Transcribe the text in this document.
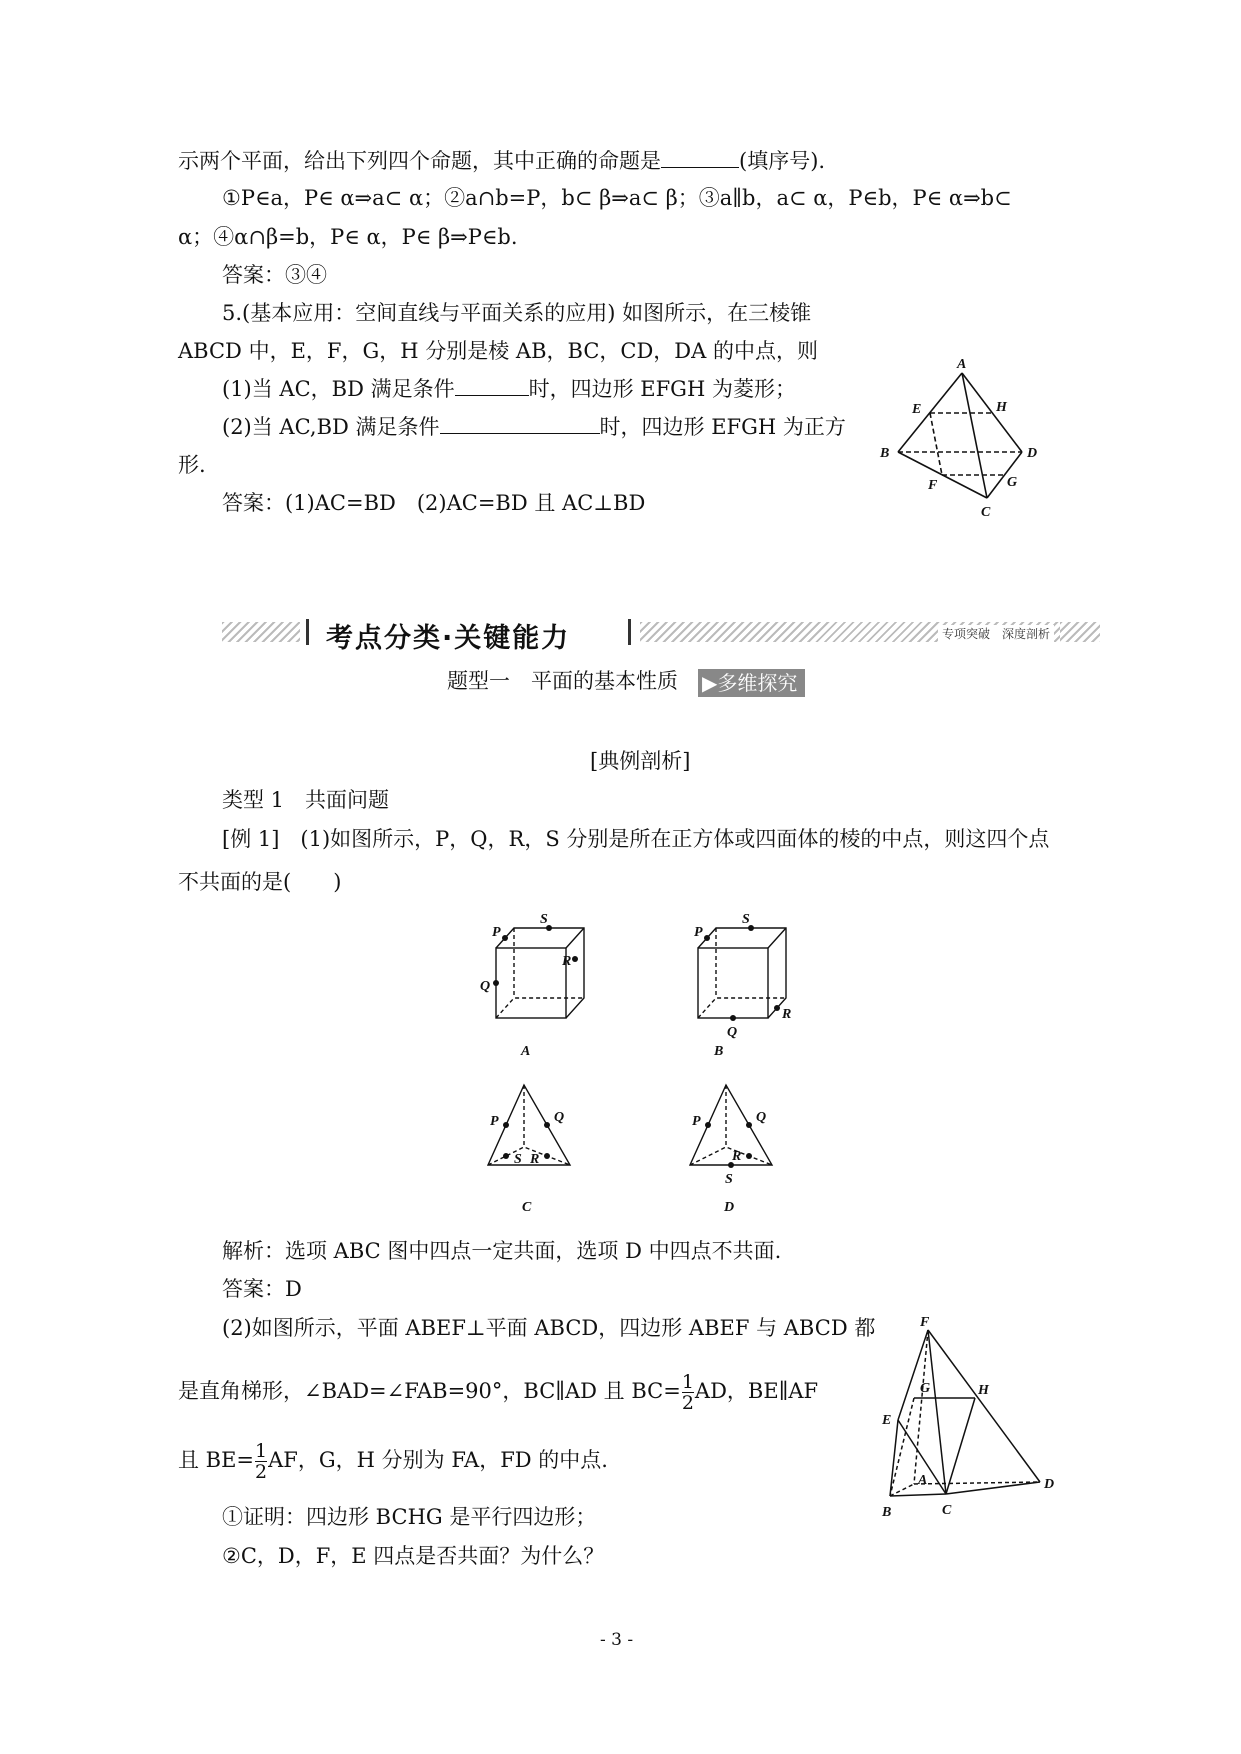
示两个平面，给出下列四个命题，其中正确的命题是	(填序号).
①P∈a，P∈ α⇒a⊂ α；②a∩b=P，b⊂ β⇒a⊂ β；③a∥b，a⊂ α，P∈b，P∈ α⇒b⊂
α；④α∩β=b，P∈ α，P∈ β⇒P∈b.
答案：③④
5.(基本应用：空间直线与平面关系的应用) 如图所示，在三棱锥
ABCD 中，E，F，G，H 分别是棱 AB，BC，CD，DA 的中点，则
(1)当 AC，BD 满足条件	时，四边形 EFGH 为菱形；
(2)当 AC,BD 满足条件	时，四边形 EFGH 为正方
形.
答案：(1)AC=BD　(2)AC=BD 且 AC⊥BD
A
E	H
B	D
F	G
C
考点分类·关键能力	专项突破　深度剖析
题型一　平面的基本性质 ▶多维探究
[典例剖析]
类型 1　共面问题
[例 1]　(1)如图所示，P，Q，R，S 分别是所在正方体或四面体的棱的中点，则这四个点
不共面的是(　　)
P
S
R
Q
A
P
S
R
Q
B
P	Q
S R
C
P	Q
R
S
D
解析：选项 ABC 图中四点一定共面，选项 D 中四点不共面.
答案：D
(2)如图所示，平面 ABEF⊥平面 ABCD，四边形 ABEF 与 ABCD 都
是直角梯形，∠BAD=∠FAB=90°，BC∥AD 且 $BC= \frac{1}{2}$ AD，BE∥AF
且 $BE= \frac{1}{2}$ AF，G，H 分别为 FA，FD 的中点.
①证明：四边形 BCHG 是平行四边形；
②C，D，F，E 四点是否共面？为什么？
F
G	H
E
A	D
B	C
- 3 -
